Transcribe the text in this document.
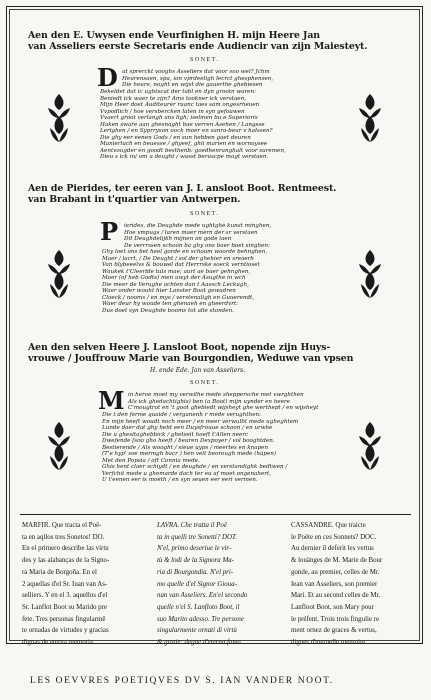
Aen den E. Uwysen ende Veurfinighen H. mijn Heere Jan
van Asseliers eerste Secretaris ende Audiencir van zijn Maiesteyt.
SONET.
D at sprerckt vooghs Asseliers dat voor soo wel? Jchm
Heurensaen, spa, ion vprdeeligh lecrct ghesphensen,
Die heure, noght en wijst die gauerthe ghebiesen
Bekeldet dat ic ughtscat der tabl en dyn grootn waren:
Beniedt ick waer te zijn? Ams tookner ick verstaen,
Mijn Heer doet Auditeurer ruanc taes sam ongesrheuen
Vvpodlich / hoe versbercken laten in syn gefouwen
Vvaert groot verlangh ans ligh; iselmen bu e Superioris
Haken sware aan ghesnaght bae verren Asehen / Langsse
Lerighen / en Syprryson oock moer en sanra-beur v halssen?
Die ghy eer eenen Gods / en sun hebben gaet deuren
Manierluch en beuesse / ghyeef, ghii marien en wornoysee
Aentvougder en goodt besthenb: goedhenranghalt voor suremen,
Dieu s ick in/ om u deught / wasst beruscpe magt verstaen.
Aen de Pierides, ter eeren van J. L ansloot Boot. Rentmeest.
van Brabant in t'quartier van Antwerpen.
SONET.
P ierides, die Deughde mede ughtghe kunst minghen,
Hoe vmpugs / laren maer mern der sr verstaen
Dit Deughdelijkh mijnen an gode laen
De verrrssen schoon ba ghy ons baer boet singhen:
Ghy loet ons bet heel gorde en schoom woorde behnghen,
Maer / lacrt, / De Deught / sol der ghehier en sreaerh
Van blybeeelvs & bouwel dat Herrrske soeck verntioset
Waukek t'Cleerlde tuls mae; aurt ae baer gehnghen,
Maer (of heb Godts) men uwyt der Asugthe in wch
Die meer de Verughe achten dan t Aassch Leckugh,
Waer onder wouht hier Lanster Boot gewadren
Cloeck / nooms / en mys / verstenaligh en Guuerendt,
Waer deur hy woude ten ghenaeh en gheerdvrt:
Dus doet syn Deughde booms tot alle stonden.
Aen den selven Heere J. Lansloot Boot, nopende zijn Huys-
vrouwe / Jouffrouw Marie van Bourgondien, Weduwe van vpsen
H. ende Ede. Jan van Asseliers.
SONET.
M in heroe moet my verwilhe mede sheppersche met vwrghthen
Als ick ghedachtighis) ben (a Boot) mijn uynder en heere
C'mougtrot en 't goot ghebiedt wijsheyt ghe werthept / en wijsheyt
Die t den ferme quaide / verganenh r mede verughthen:
En mijn heeft woudt noch meer / en meer verwulbt mede ugheghtem
Lunde daer dat ghy hebt een Duysfrouue schoon / en urwhe
Die u ghesitaghebbick / ghetseit hoeft t'Allen neerc
Dwefende [soo gho heeft / beuren Dexpoyer / vol booghtden.
Bestierende / Als wooght / sieue uyps / meertes en knapen
(T'e hyp' soe mermgh bacr ) hen velt beorough mede (hapen)
Met den Popsia / oft Connia mede.
Ghis hent claer schiydt / en deughde / en verstandighk bedtwen /
Verfchit mede u ghemarde dach ter eu af moet ongenahert,
U t'eenen eer is moeth / en syn seuen eer eeri vermen.
MARFIR. Que tracta el Poë-
ta en aqllos tres Sonetos! DO.
En el primero describe las virtu
des y las alabanças de la Signo-
ra Maria de Borgoña. En el
2 aquellas d'el Sr. Iuan van As-
selliers. Y en el 3. aquellos d'el
Sr. Lanflot Boot su Marido pre
fete. Tres personas fingularmě
te ornadas de virtudes y gracias
dignas de eterna memoria.
LAVRA. Che tratta il Poë
ta in quelli tre Sonetti? DOT.
N'el, primo deseriue le vir-
tù & lodi de la Signora Ma-
ria di Bourgondia. N'el pri-
mo quelle d'el Signor Gioua-
nan van Asseliers. En'el secondo
quelle n'el S. Lanfloto Boot, il
suo Marito adesso. Tre persone
singularmente ornati di virtù
& gratie: degne d'eterna fama.
CASSANDRE. Que traicte
le Poëte en ces Sonnets? DOC.
Au dernier il deferit les vertus
& louänges de M. Marie de Bour
gonde, au premier, celles de Mr.
Iean van Asseliers, son premier
Mari. Et au second celles de Mr.
Lanfloot Boot, son Mary pour
le préfent. Trois trois fingulie re
ment ornez de graces & vertus,
dignes d'eternelle memoire.
LES OEVVRES POETIQVES DV S. IAN VANDER NOOT.
